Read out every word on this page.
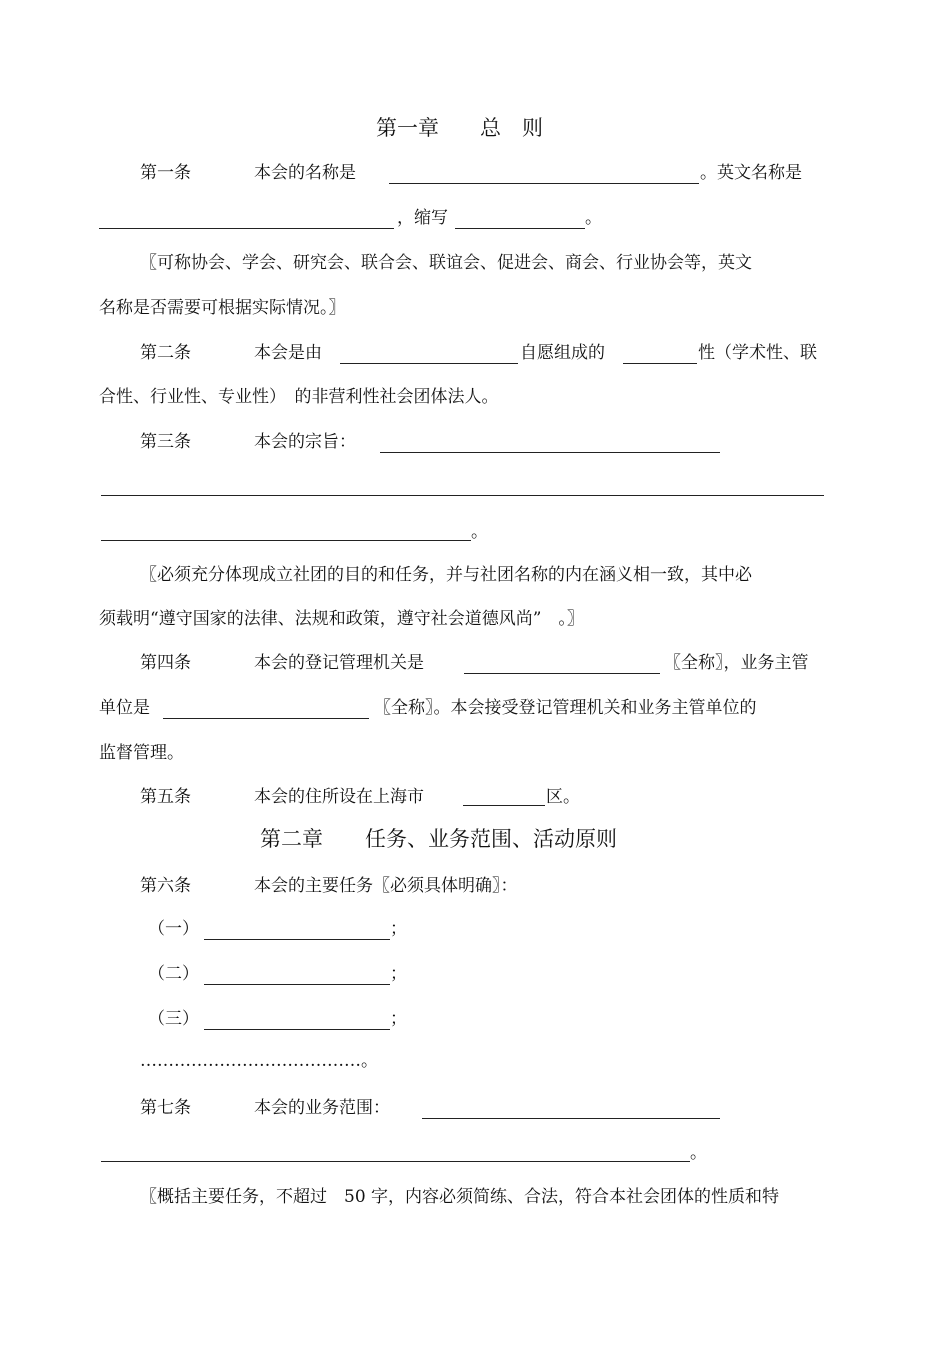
第一章 总　则
第一条	本会的名称是	。英文名称是
，缩写	。
〖可称协会、学会、研究会、联合会、联谊会、促进会、商会、行业协会等，英文
名称是否需要可根据实际情况。〗
第二条	本会是由	自愿组成的	性（学术性、联
合性、行业性、专业性）　的非营利性社会团体法人。
第三条	本会的宗旨：
。
〖必须充分体现成立社团的目的和任务，并与社团名称的内在涵义相一致，其中必
须载明“遵守国家的法律、法规和政策，遵守社会道德风尚”　。〗
第四条	本会的登记管理机关是	〖全称〗，业务主管
单位是	〖全称〗。本会接受登记管理机关和业务主管单位的
监督管理。
第五条	本会的住所设在上海市	区。
第二章 任务、业务范围、活动原则
第六条	本会的主要任务〖必须具体明确〗：
（一）	；
（二）	；
（三）	；
…………………………………。
第七条	本会的业务范围：
。
〖概括主要任务，不超过　50 字，内容必须简练、合法，符合本社会团体的性质和特
